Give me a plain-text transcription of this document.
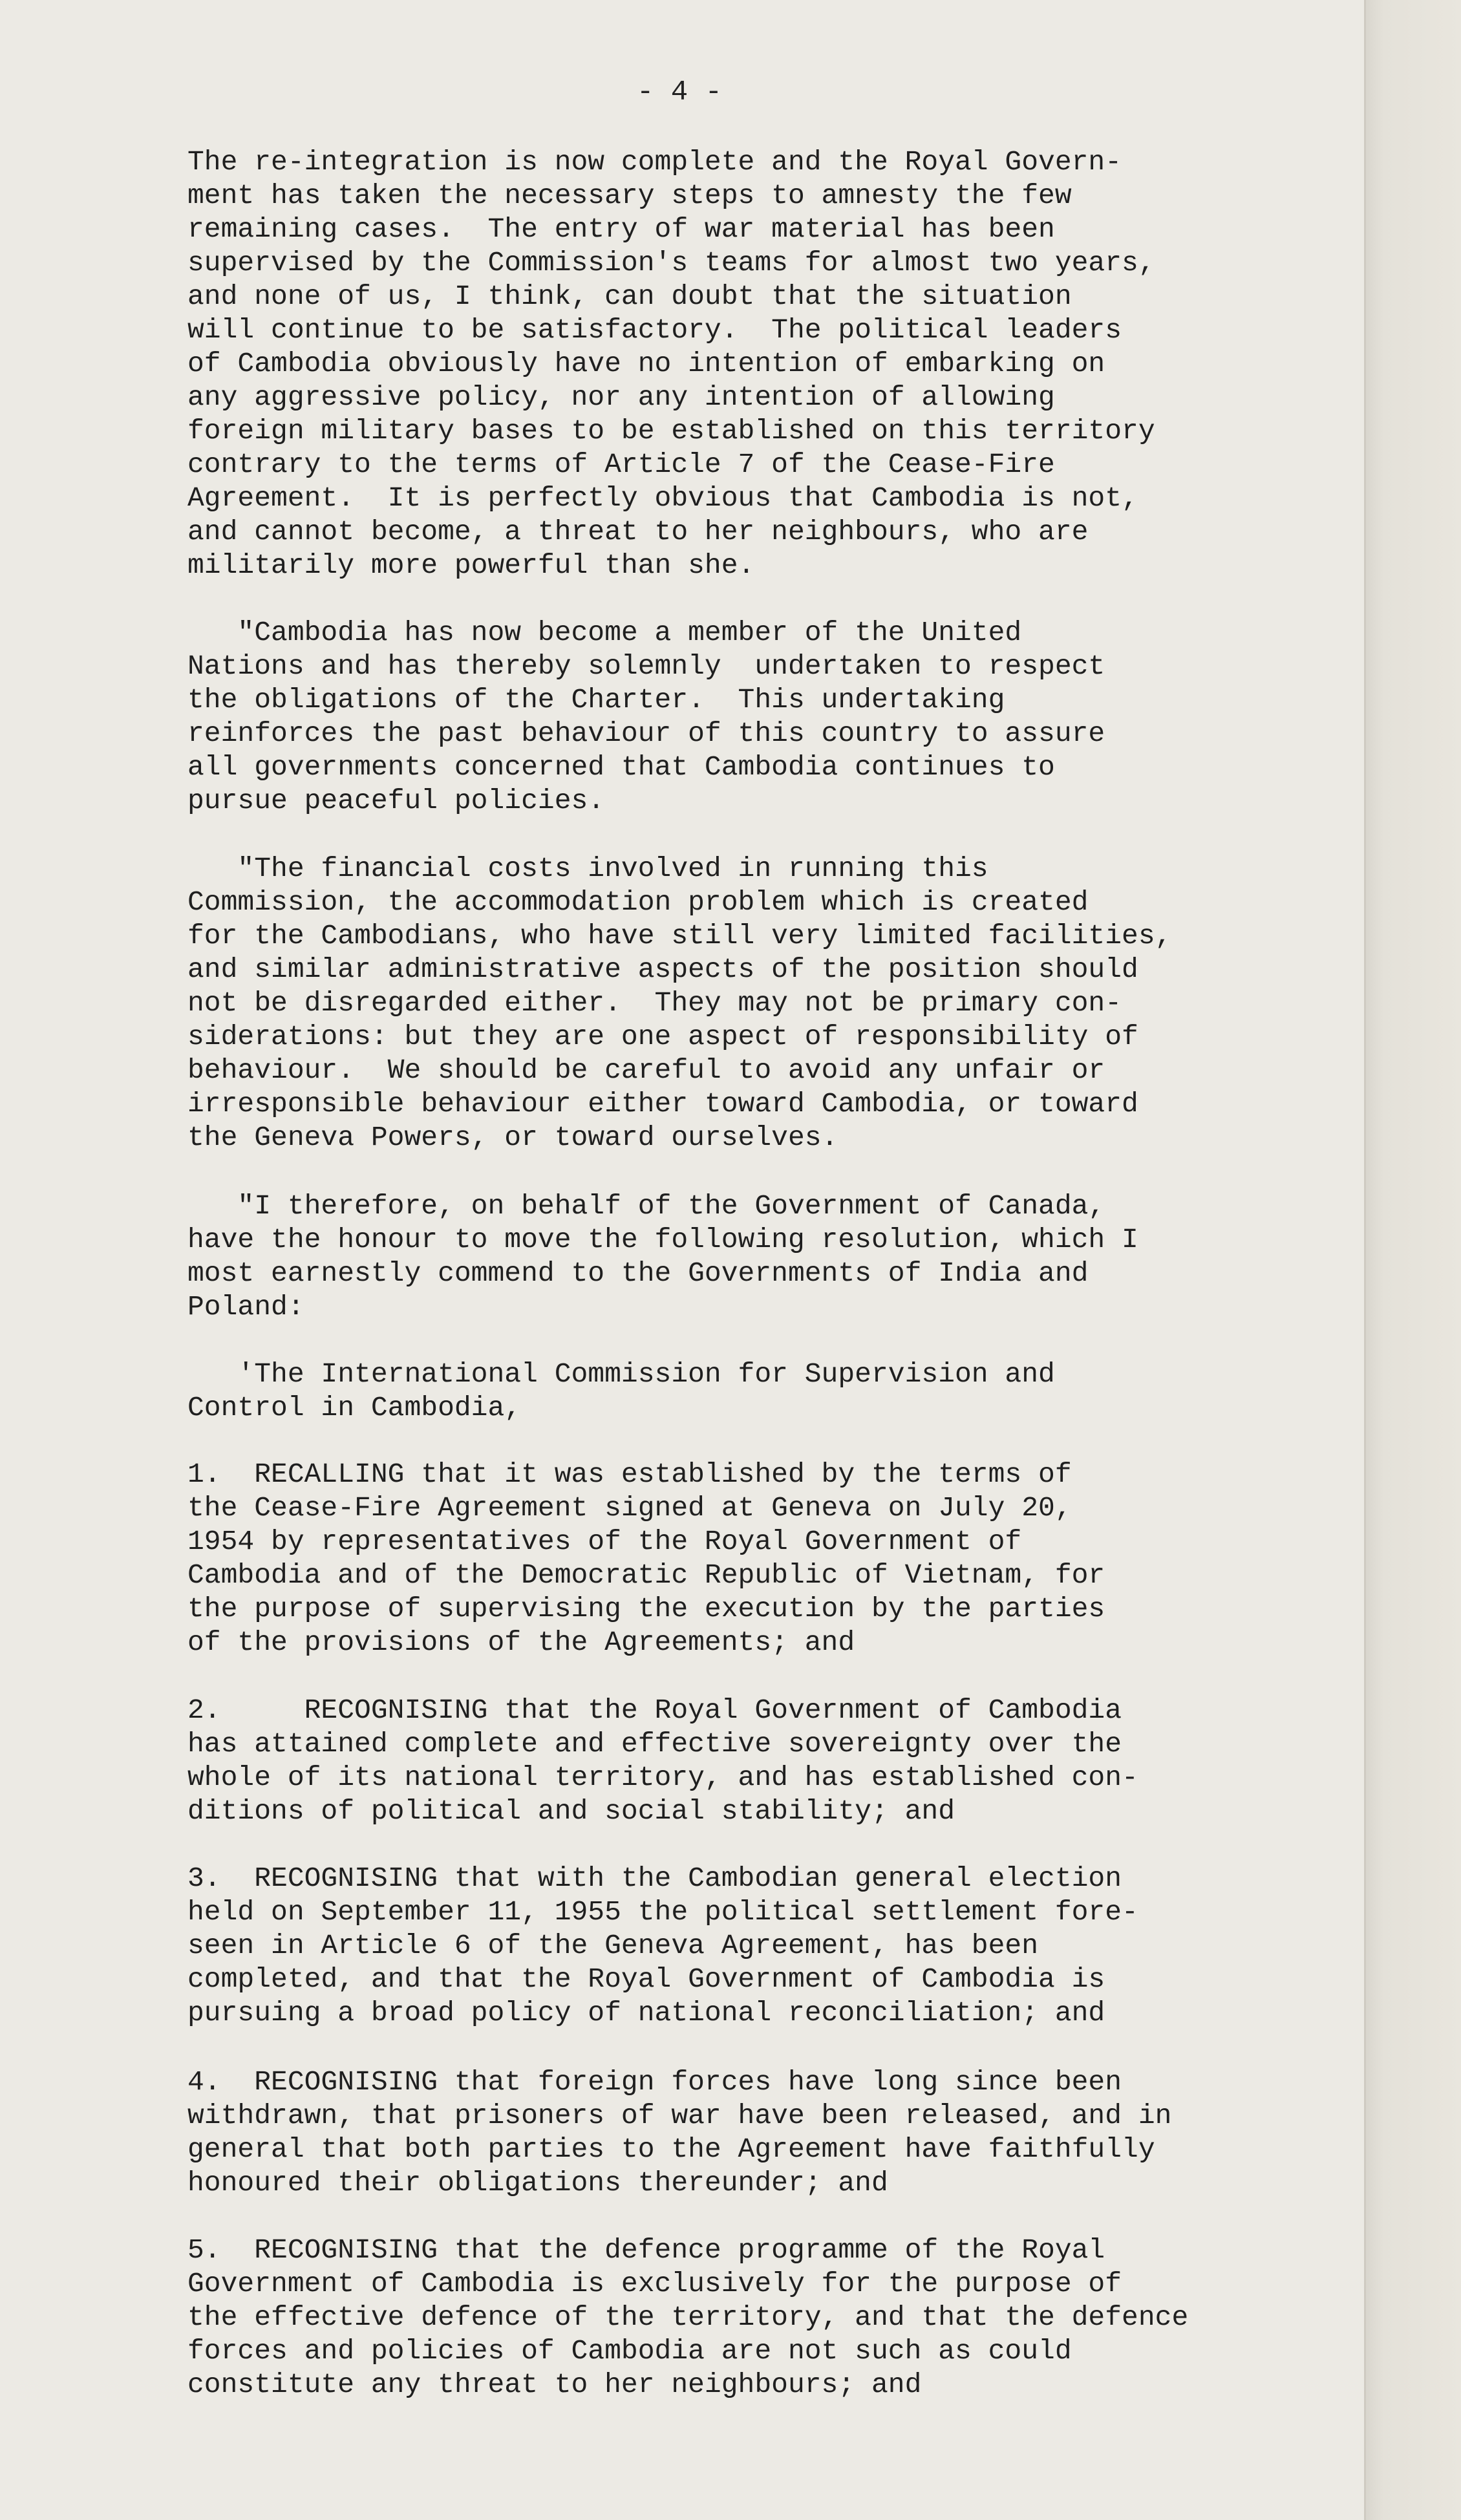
- 4 -
The re-integration is now complete and the Royal Govern-
ment has taken the necessary steps to amnesty the few
remaining cases.  The entry of war material has been
supervised by the Commission's teams for almost two years,
and none of us, I think, can doubt that the situation
will continue to be satisfactory.  The political leaders
of Cambodia obviously have no intention of embarking on
any aggressive policy, nor any intention of allowing
foreign military bases to be established on this territory
contrary to the terms of Article 7 of the Cease-Fire
Agreement.  It is perfectly obvious that Cambodia is not,
and cannot become, a threat to her neighbours, who are
militarily more powerful than she.
"Cambodia has now become a member of the United
Nations and has thereby solemnly  undertaken to respect
the obligations of the Charter.  This undertaking
reinforces the past behaviour of this country to assure
all governments concerned that Cambodia continues to
pursue peaceful policies.
"The financial costs involved in running this
Commission, the accommodation problem which is created
for the Cambodians, who have still very limited facilities,
and similar administrative aspects of the position should
not be disregarded either.  They may not be primary con-
siderations: but they are one aspect of responsibility of
behaviour.  We should be careful to avoid any unfair or
irresponsible behaviour either toward Cambodia, or toward
the Geneva Powers, or toward ourselves.
"I therefore, on behalf of the Government of Canada,
have the honour to move the following resolution, which I
most earnestly commend to the Governments of India and
Poland:
'The International Commission for Supervision and
Control in Cambodia,
1.  RECALLING that it was established by the terms of
the Cease-Fire Agreement signed at Geneva on July 20,
1954 by representatives of the Royal Government of
Cambodia and of the Democratic Republic of Vietnam, for
the purpose of supervising the execution by the parties
of the provisions of the Agreements; and
2.     RECOGNISING that the Royal Government of Cambodia
has attained complete and effective sovereignty over the
whole of its national territory, and has established con-
ditions of political and social stability; and
3.  RECOGNISING that with the Cambodian general election
held on September 11, 1955 the political settlement fore-
seen in Article 6 of the Geneva Agreement, has been
completed, and that the Royal Government of Cambodia is
pursuing a broad policy of national reconciliation; and
4.  RECOGNISING that foreign forces have long since been
withdrawn, that prisoners of war have been released, and in
general that both parties to the Agreement have faithfully
honoured their obligations thereunder; and
5.  RECOGNISING that the defence programme of the Royal
Government of Cambodia is exclusively for the purpose of
the effective defence of the territory, and that the defence
forces and policies of Cambodia are not such as could
constitute any threat to her neighbours; and
